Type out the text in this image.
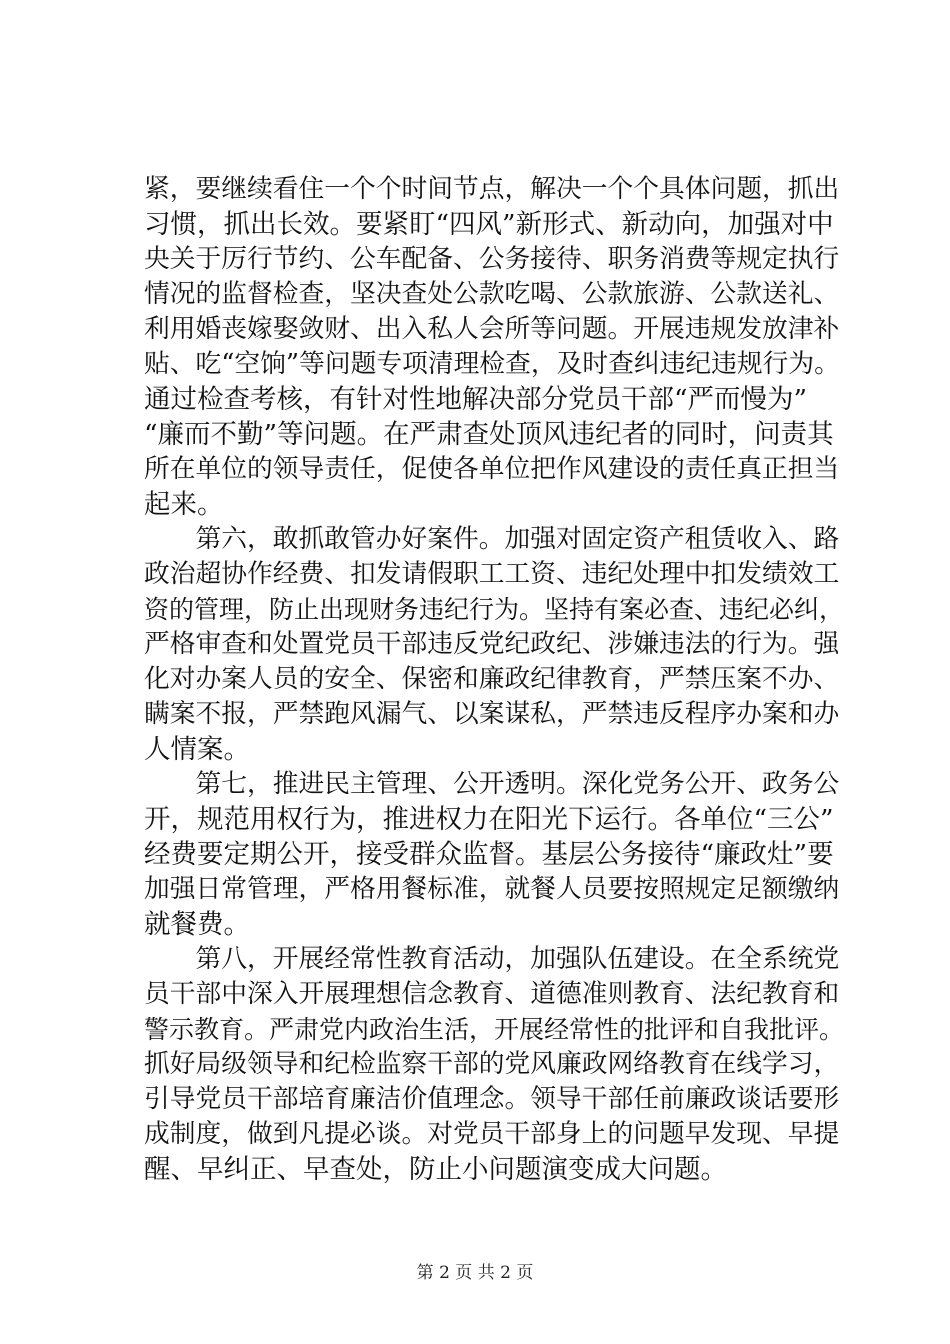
紧，要继续看住一个个时间节点，解决一个个具体问题，抓出
习惯，抓出长效。要紧盯“四风”新形式、新动向，加强对中
央关于厉行节约、公车配备、公务接待、职务消费等规定执行
情况的监督检查，坚决查处公款吃喝、公款旅游、公款送礼、
利用婚丧嫁娶敛财、出入私人会所等问题。开展违规发放津补
贴、吃“空饷”等问题专项清理检查，及时查纠违纪违规行为。
通过检查考核，有针对性地解决部分党员干部“严而慢为”
“廉而不勤”等问题。在严肃查处顶风违纪者的同时，问责其
所在单位的领导责任，促使各单位把作风建设的责任真正担当
起来。
　　第六，敢抓敢管办好案件。加强对固定资产租赁收入、路
政治超协作经费、扣发请假职工工资、违纪处理中扣发绩效工
资的管理，防止出现财务违纪行为。坚持有案必查、违纪必纠，
严格审查和处置党员干部违反党纪政纪、涉嫌违法的行为。强
化对办案人员的安全、保密和廉政纪律教育，严禁压案不办、
瞒案不报，严禁跑风漏气、以案谋私，严禁违反程序办案和办
人情案。
　　第七，推进民主管理、公开透明。深化党务公开、政务公
开，规范用权行为，推进权力在阳光下运行。各单位“三公”
经费要定期公开，接受群众监督。基层公务接待“廉政灶”要
加强日常管理，严格用餐标准，就餐人员要按照规定足额缴纳
就餐费。
　　第八，开展经常性教育活动，加强队伍建设。在全系统党
员干部中深入开展理想信念教育、道德准则教育、法纪教育和
警示教育。严肃党内政治生活，开展经常性的批评和自我批评。
抓好局级领导和纪检监察干部的党风廉政网络教育在线学习，
引导党员干部培育廉洁价值理念。领导干部任前廉政谈话要形
成制度，做到凡提必谈。对党员干部身上的问题早发现、早提
醒、早纠正、早查处，防止小问题演变成大问题。
第 2 页 共 2 页
